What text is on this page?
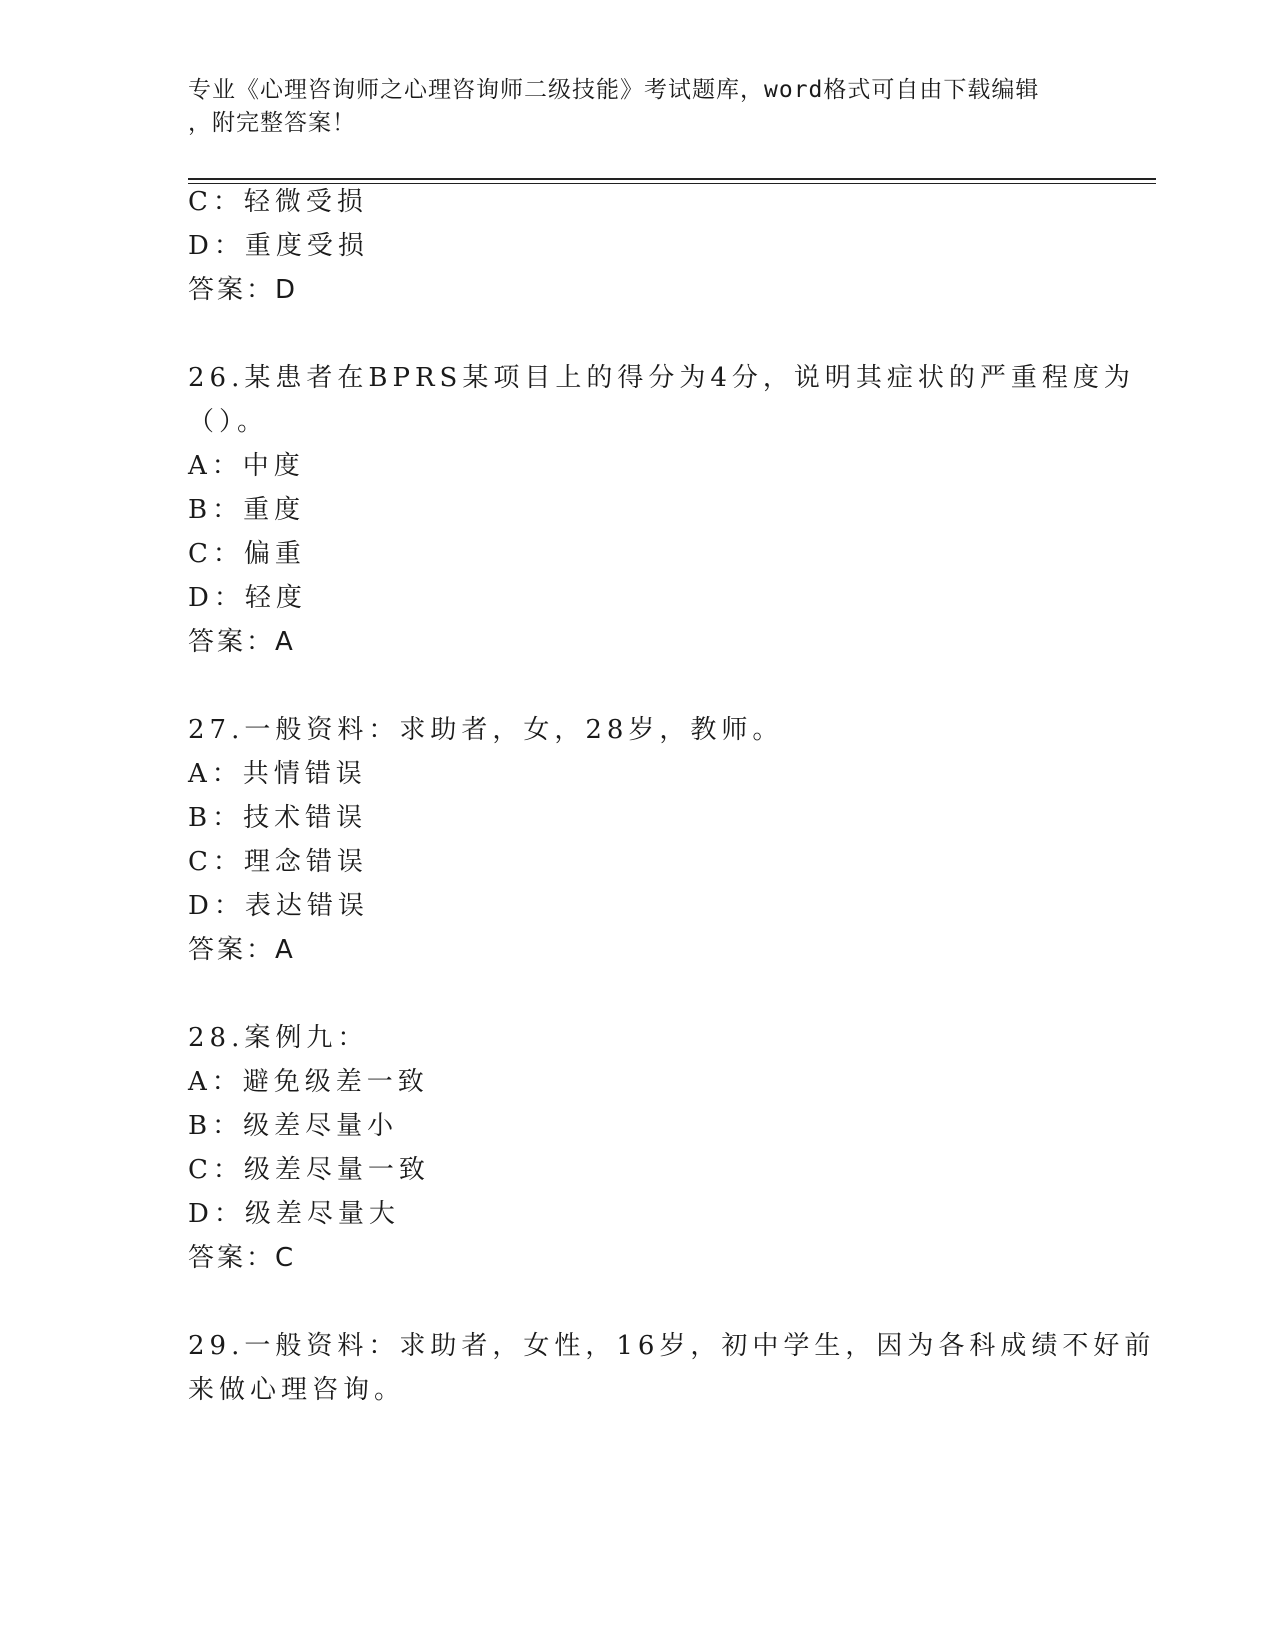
专业《心理咨询师之心理咨询师二级技能》考试题库，word格式可自由下载编辑
，附完整答案！
C：轻微受损
D：重度受损
答案：D
26.某患者在BPRS某项目上的得分为4分，说明其症状的严重程度为
（）。
A：中度
B：重度
C：偏重
D：轻度
答案：A
27.一般资料：求助者，女，28岁，教师。
A：共情错误
B：技术错误
C：理念错误
D：表达错误
答案：A
28.案例九：
A：避免级差一致
B：级差尽量小
C：级差尽量一致
D：级差尽量大
答案：C
29.一般资料：求助者，女性，16岁，初中学生，因为各科成绩不好前
来做心理咨询。
